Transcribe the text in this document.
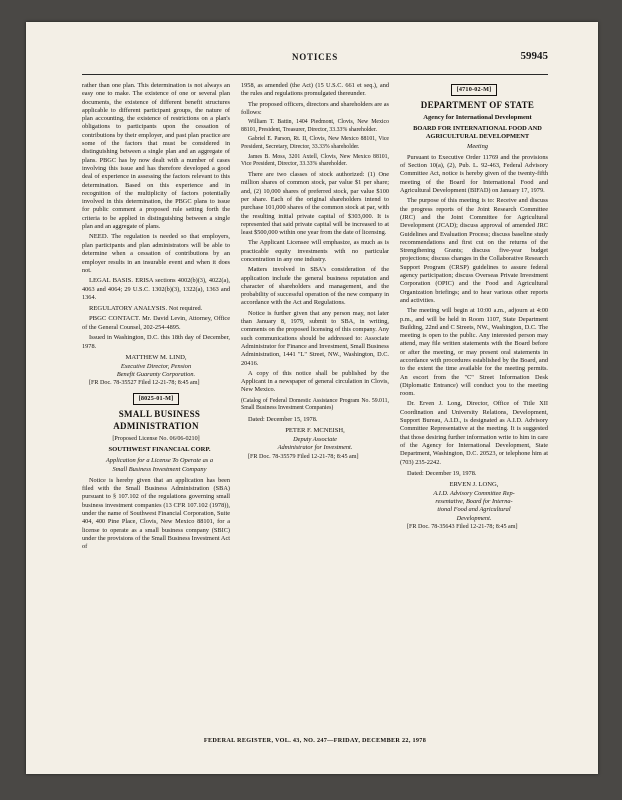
NOTICES	59945

rather than one plan. This determination is not always an easy one to make. The existence of one or several plan documents, the existence of different benefit structures applicable to different participant groups, the nature of plan accounting, the existence of restrictions on a plan's obligations to participants upon the cessation of contributions by their employer, and past plan practice are some of the factors that must be considered in distinguishing between a single plan and an aggregate of plans. PBGC has by now dealt with a number of cases involving this issue and has therefore developed a good deal of experience in assessing the factors relevant to this determination. Based on this experience and in recognition of the multiplicity of factors potentially involved in this determination, the PBGC plans to issue for public comment a proposed rule setting forth the criteria to be applied in distinguishing between a single plan and an aggregate of plans.

NEED. The regulation is needed so that employers, plan participants and plan administrators will be able to determine when a cessation of contributions by an employer results in an insurable event and when it does not.

LEGAL BASIS. ERISA sections 4002(b)(3), 4022(a), 4063 and 4064; 29 U.S.C. 1302(b)(3), 1322(a), 1363 and 1364.

REGULATORY ANALYSIS. Not required.

PBGC CONTACT. Mr. David Levin, Attorney, Office of the General Counsel, 202-254-4895.

Issued in Washington, D.C. this 18th day of December, 1978.

MATTHEW M. LIND,
Executive Director, Pension
Benefit Guaranty Corporation.

[FR Doc. 78-35527 Filed 12-21-78; 8:45 am]

[8025-01-M]

SMALL BUSINESS ADMINISTRATION

[Proposed License No. 06/06-0210]

SOUTHWEST FINANCIAL CORP.

Application for a License To Operate as a

Small Business Investment Company

Notice is hereby given that an application has been filed with the Small Business Administration (SBA) pursuant to § 107.102 of the regulations governing small business investment companies (13 CFR 107.102 (1978)), under the name of Southwest Financial Corporation, Suite 404, 400 Pine Place, Clovis, New Mexico 88101, for a license to operate as a small business company (SBIC) under the provisions of the Small Business Investment Act of

1958, as amended (the Act) (15 U.S.C. 661 et seq.), and the rules and regulations promulgated thereunder.

The proposed officers, directors and shareholders are as follows:

William T. Battin, 1404 Piedmont, Clovis, New Mexico 88101, President, Treasurer, Director, 33.33% shareholder.

Gabriel E. Parson, Rt. II, Clovis, New Mexico 88101, Vice President, Secretary, Director, 33.33% shareholder.

James B. Moss, 3201 Axtell, Clovis, New Mexico 88101, Vice President, Director, 33.33% shareholder.

There are two classes of stock authorized: (1) One million shares of common stock, par value $1 per share; and, (2) 10,000 shares of preferred stock, par value $100 per share. Each of the original shareholders intend to purchase 101,000 shares of the common stock at par, with the resulting initial private capital of $303,000. It is represented that said private capital will be increased to at least $500,000 within one year from the date of licensing.

The Applicant Licensee will emphasize, as much as is practicable equity investments with no particular concentration in any one industry.

Matters involved in SBA's consideration of the application include the general business reputation and character of shareholders and management, and the probability of successful operation of the new company in accordance with the Act and Regulations.

Notice is further given that any person may, not later than January 8, 1979, submit to SBA, in writing, comments on the proposed licensing of this company. Any such communications should be addressed to: Associate Administrator for Finance and Investment, Small Business Administration, 1441 "L" Street, NW., Washington, D.C. 20416.

A copy of this notice shall be published by the Applicant in a newspaper of general circulation in Clovis, New Mexico.

(Catalog of Federal Domestic Assistance Program No. 59.011, Small Business Investment Companies)

Dated: December 15, 1978.

PETER F. MCNEISH,
Deputy Associate
Administrator for Investment.

[FR Doc. 78-35579 Filed 12-21-78; 8:45 am]

[4710-02-M]

DEPARTMENT OF STATE

Agency for International Development

BOARD FOR INTERNATIONAL FOOD AND

AGRICULTURAL DEVELOPMENT

Meeting

Pursuant to Executive Order 11769 and the provisions of Section 10(a), (2), Pub. L. 92-463, Federal Advisory Committee Act, notice is hereby given of the twenty-fifth meeting of the Board for International Food and Agricultural Development (BIFAD) on January 17, 1979.

The purpose of this meeting is to: Receive and discuss the progress reports of the Joint Research Committee (JRC) and the Joint Committee for Agricultural Development (JCAD); discuss approval of amended JRC Guidelines and Evaluation Process; discuss baseline study recommendations and first cut on the returns of the Strengthening Grants; discuss five-year budget projections; discuss changes in the Collaborative Research Support Program (CRSP) guidelines to assure federal agency participation; discuss Overseas Private Investment Corporation (OPIC) and the Food and Agricultural Organization briefings; and to hear various other reports and activities.

The meeting will begin at 10:00 a.m., adjourn at 4:00 p.m., and will be held in Room 1107, State Department Building, 22nd and C Streets, NW., Washington, D.C. The meeting is open to the public. Any interested person may attend, may file written statements with the Board before or after the meeting, or may present oral statements in accordance with procedures established by the Board, and to the extent the time available for the meeting permits. An escort from the "C" Street Information Desk (Diplomatic Entrance) will conduct you to the meeting room.

Dr. Erven J. Long, Director, Office of Title XII Coordination and University Relations, Development, Support Bureau, A.I.D., is designated as A.I.D. Advisory Committee Representative at the meeting. It is suggested that those desiring further information write to him in care of the Agency for International Development, State Department, Washington, D.C. 20523, or telephone him at (703) 235-2242.

Dated: December 19, 1978.

ERVEN J. LONG,
A.I.D. Advisory Committee Rep-
resentative, Board for Interna-
tional Food and Agricultural
Development.

[FR Doc. 78-35643 Filed 12-21-78; 8:45 am]

FEDERAL REGISTER, VOL. 43, NO. 247—FRIDAY, DECEMBER 22, 1978
